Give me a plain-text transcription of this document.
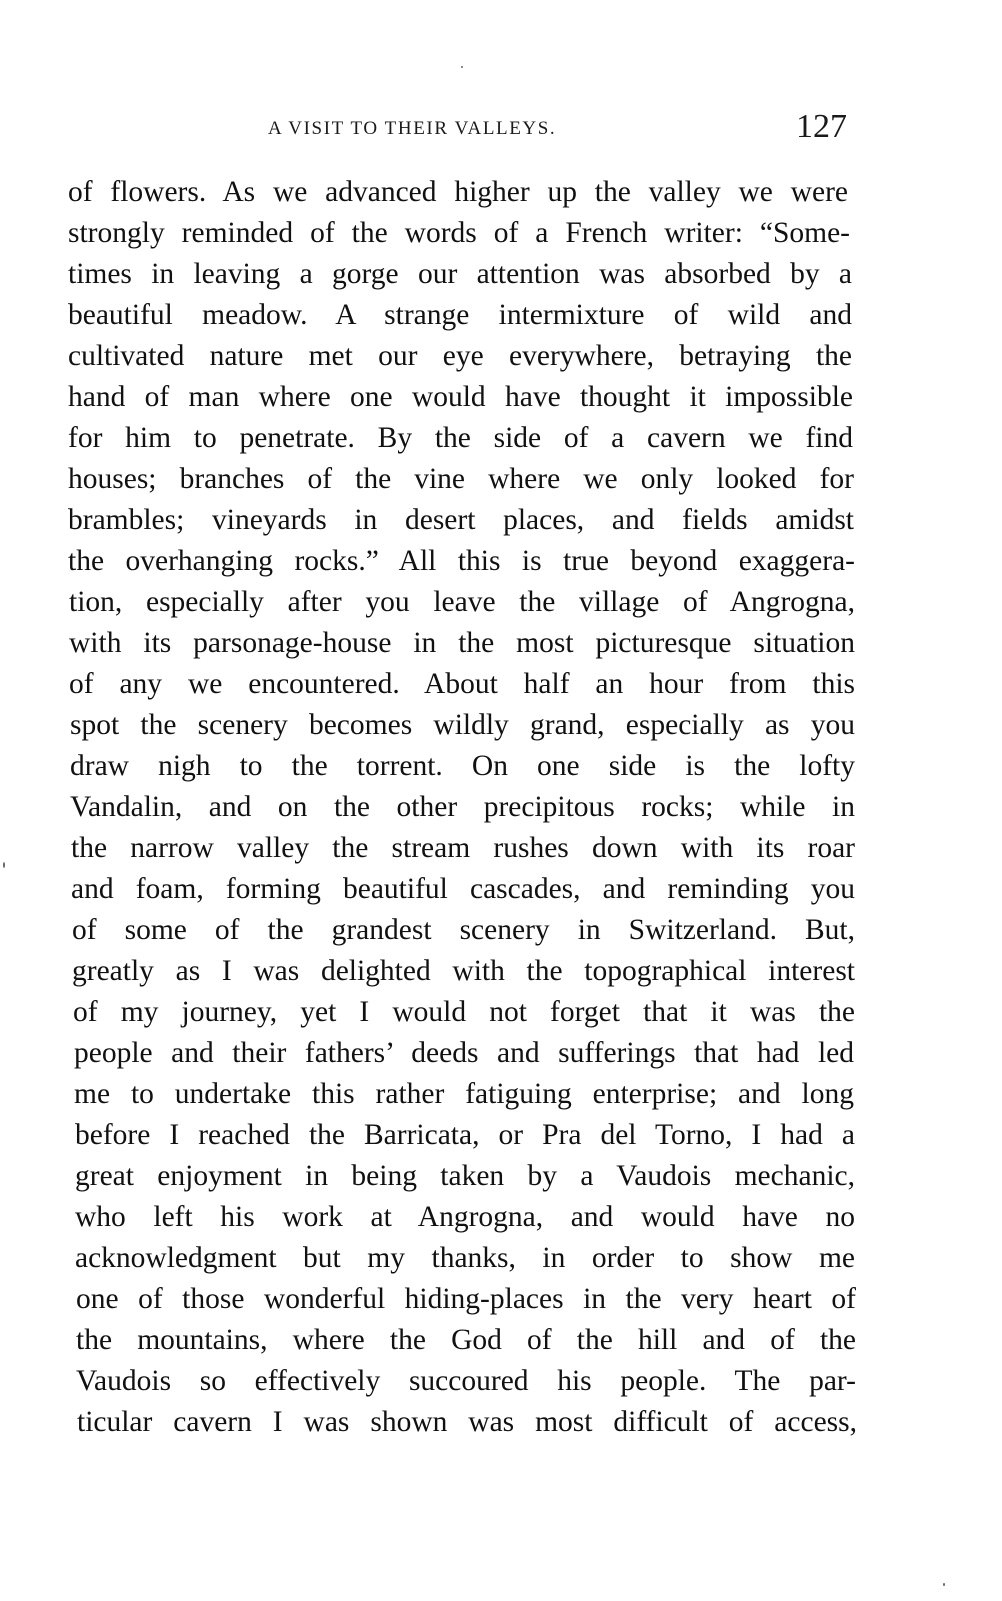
A VISIT TO THEIR VALLEYS.	127
of flowers. As we advanced higher up the valley we were
strongly reminded of the words of a French writer: “Some-
times in leaving a gorge our attention was absorbed by a
beautiful meadow. A strange intermixture of wild and
cultivated nature met our eye everywhere, betraying the
hand of man where one would have thought it impossible
for him to penetrate. By the side of a cavern we find
houses; branches of the vine where we only looked for
brambles; vineyards in desert places, and fields amidst
the overhanging rocks.” All this is true beyond exaggera-
tion, especially after you leave the village of Angrogna,
with its parsonage-house in the most picturesque situation
of any we encountered. About half an hour from this
spot the scenery becomes wildly grand, especially as you
draw nigh to the torrent. On one side is the lofty
Vandalin, and on the other precipitous rocks; while in
the narrow valley the stream rushes down with its roar
and foam, forming beautiful cascades, and reminding you
of some of the grandest scenery in Switzerland. But,
greatly as I was delighted with the topographical interest
of my journey, yet I would not forget that it was the
people and their fathers’ deeds and sufferings that had led
me to undertake this rather fatiguing enterprise; and long
before I reached the Barricata, or Pra del Torno, I had a
great enjoyment in being taken by a Vaudois mechanic,
who left his work at Angrogna, and would have no
acknowledgment but my thanks, in order to show me
one of those wonderful hiding-places in the very heart of
the mountains, where the God of the hill and of the
Vaudois so effectively succoured his people. The par-
ticular cavern I was shown was most difficult of access,
